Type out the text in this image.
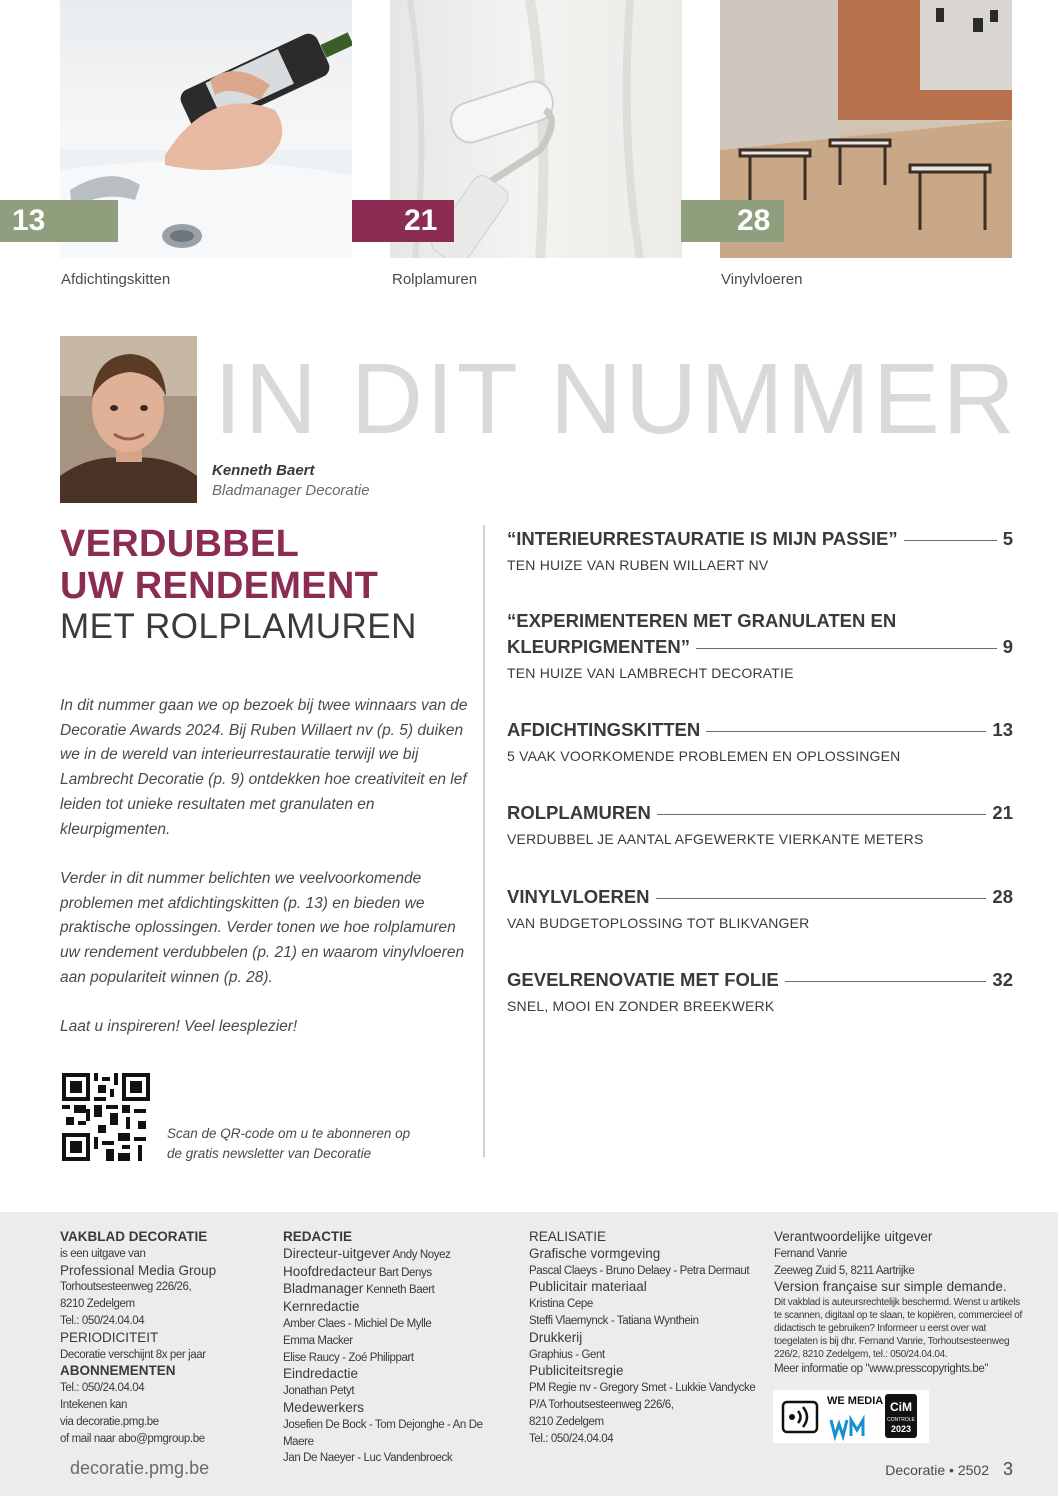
13	21	28
Afdichtingskitten	Rolplamuren	Vinylvloeren
IN DIT NUMMER
Kenneth Baert
Bladmanager Decoratie
VERDUBBEL
UW RENDEMENT
MET ROLPLAMUREN

In dit nummer gaan we op bezoek bij twee winnaars van de Decoratie Awards 2024. Bij Ruben Willaert nv (p. 5) duiken we in de wereld van interieurrestauratie terwijl we bij Lambrecht Decoratie (p. 9) ontdekken hoe creativiteit en lef leiden tot unieke resultaten met granulaten en kleurpigmenten.

Verder in dit nummer belichten we veelvoorkomende problemen met afdichtingskitten (p. 13) en bieden we praktische oplossingen. Verder tonen we hoe rolplamuren uw rendement verdubbelen (p. 21) en waarom vinylvloeren aan populariteit winnen (p. 28).

Laat u inspireren! Veel leesplezier!

Scan de QR-code om u te abonneren op
de gratis newsletter van Decoratie
“INTERIEURRESTAURATIE IS MIJN PASSIE”	5
TEN HUIZE VAN RUBEN WILLAERT NV
“EXPERIMENTEREN MET GRANULATEN EN
KLEURPIGMENTEN”	9
TEN HUIZE VAN LAMBRECHT DECORATIE
AFDICHTINGSKITTEN	13
5 VAAK VOORKOMENDE PROBLEMEN EN OPLOSSINGEN
ROLPLAMUREN	21
VERDUBBEL JE AANTAL AFGEWERKTE VIERKANTE METERS
VINYLVLOEREN	28
VAN BUDGETOPLOSSING TOT BLIKVANGER
GEVELRENOVATIE MET FOLIE	32
SNEL, MOOI EN ZONDER BREEKWERK
VAKBLAD DECORATIE
is een uitgave van
Professional Media Group
Torhoutsesteenweg 226/26,
8210 Zedelgem
Tel.: 050/24.04.04
PERIODICITEIT
Decoratie verschijnt 8x per jaar
ABONNEMENTEN
Tel.: 050/24.04.04
Intekenen kan
via decoratie.pmg.be
of mail naar abo@pmgroup.be
REDACTIE
Directeur-uitgever Andy Noyez
Hoofdredacteur Bart Denys
Bladmanager Kenneth Baert
Kernredactie
Amber Claes - Michiel De Mylle
Emma Macker
Elise Raucy - Zoé Philippart
Eindredactie
Jonathan Petyt
Medewerkers
Josefien De Bock - Tom Dejonghe - An De Maere
Jan De Naeyer - Luc Vandenbroeck
REALISATIE
Grafische vormgeving
Pascal Claeys - Bruno Delaey - Petra Dermaut
Publicitair materiaal
Kristina Cepe
Steffi Vlaemynck - Tatiana Wynthein
Drukkerij
Graphius - Gent
Publiciteitsregie
PM Regie nv - Gregory Smet - Lukkie Vandycke
P/A Torhoutsesteenweg 226/6,
8210 Zedelgem
Tel.: 050/24.04.04
Verantwoordelijke uitgever
Fernand Vanrie
Zeeweg Zuid 5, 8211 Aartrijke
Version française sur simple demande.
Dit vakblad is auteursrechtelijk beschermd. Wenst u artikels te scannen, digitaal op te slaan, te kopiëren, commercieel of didactisch te gebruiken? Informeer u eerst over wat toegelaten is bij dhr. Fernand Vanrie, Torhoutsesteenweg 226/2, 8210 Zedelgem, tel.: 050/24.04.04.
Meer informatie op "www.presscopyrights.be"
WE MEDIA CiM
CONTROLE
2023
decoratie.pmg.be	Decoratie • 2502 3
